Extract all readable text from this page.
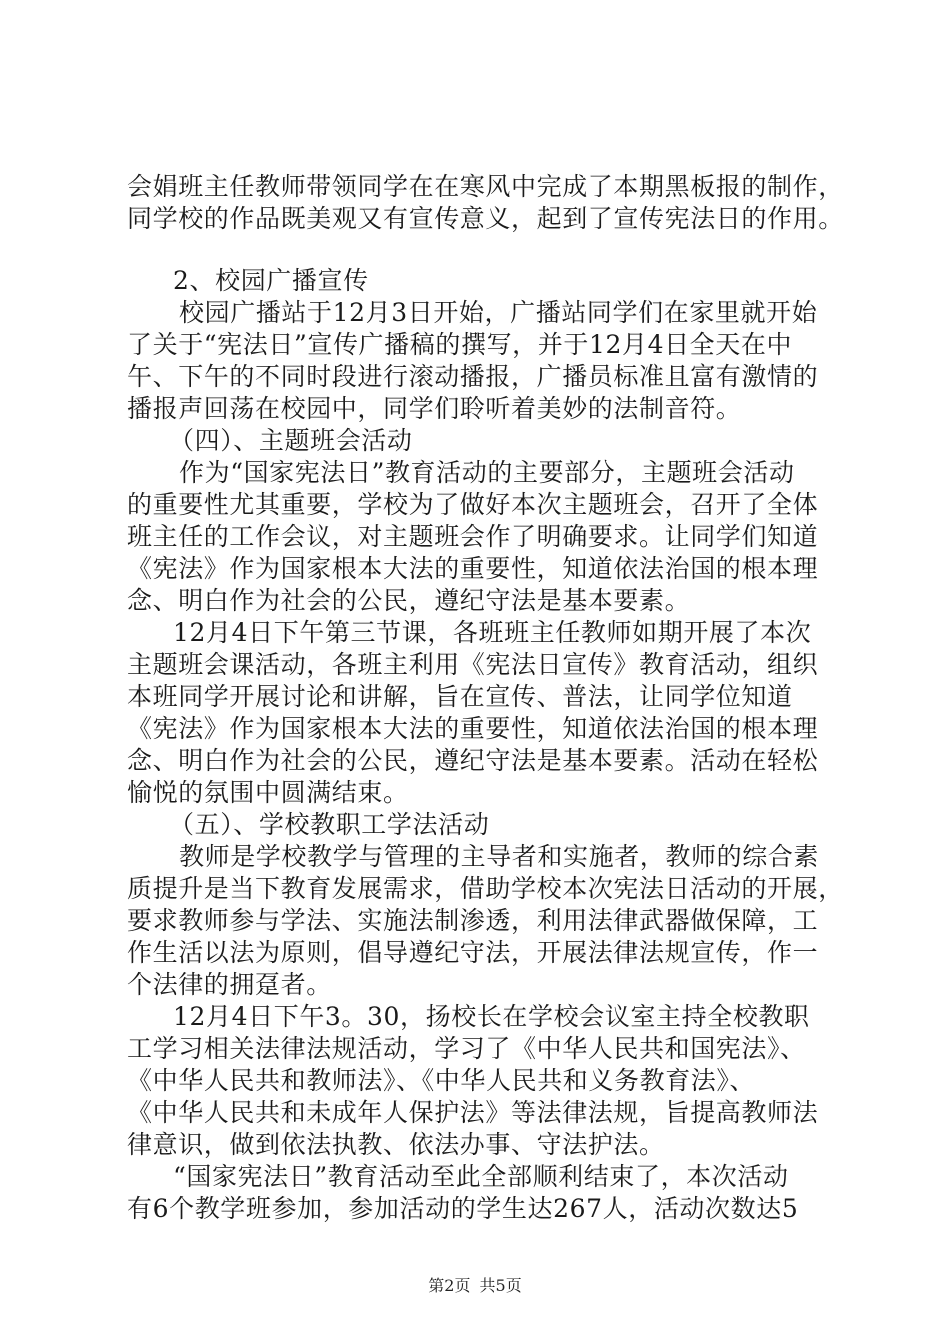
会娟班主任教师带领同学在在寒风中完成了本期黑板报的制作，
同学校的作品既美观又有宣传意义，起到了宣传宪法日的作用。
2、校园广播宣传
校园广播站于12月3日开始，广播站同学们在家里就开始
了关于“宪法日”宣传广播稿的撰写，并于12月4日全天在中
午、下午的不同时段进行滚动播报，广播员标准且富有激情的
播报声回荡在校园中，同学们聆听着美妙的法制音符。
（四）、主题班会活动
作为“国家宪法日”教育活动的主要部分，主题班会活动
的重要性尤其重要，学校为了做好本次主题班会，召开了全体
班主任的工作会议，对主题班会作了明确要求。让同学们知道
《宪法》作为国家根本大法的重要性，知道依法治国的根本理
念、明白作为社会的公民，遵纪守法是基本要素。
12月4日下午第三节课，各班班主任教师如期开展了本次
主题班会课活动，各班主利用《宪法日宣传》教育活动，组织
本班同学开展讨论和讲解，旨在宣传、普法，让同学位知道
《宪法》作为国家根本大法的重要性，知道依法治国的根本理
念、明白作为社会的公民，遵纪守法是基本要素。活动在轻松
愉悦的氛围中圆满结束。
（五）、学校教职工学法活动
教师是学校教学与管理的主导者和实施者，教师的综合素
质提升是当下教育发展需求，借助学校本次宪法日活动的开展，
要求教师参与学法、实施法制渗透，利用法律武器做保障，工
作生活以法为原则，倡导遵纪守法，开展法律法规宣传，作一
个法律的拥趸者。
12月4日下午3。30，扬校长在学校会议室主持全校教职
工学习相关法律法规活动，学习了《中华人民共和国宪法》、
《中华人民共和教师法》、《中华人民共和义务教育法》、
《中华人民共和未成年人保护法》等法律法规，旨提高教师法
律意识，做到依法执教、依法办事、守法护法。
“国家宪法日”教育活动至此全部顺利结束了，本次活动
有6个教学班参加，参加活动的学生达267人，活动次数达5
第2页 共5页
